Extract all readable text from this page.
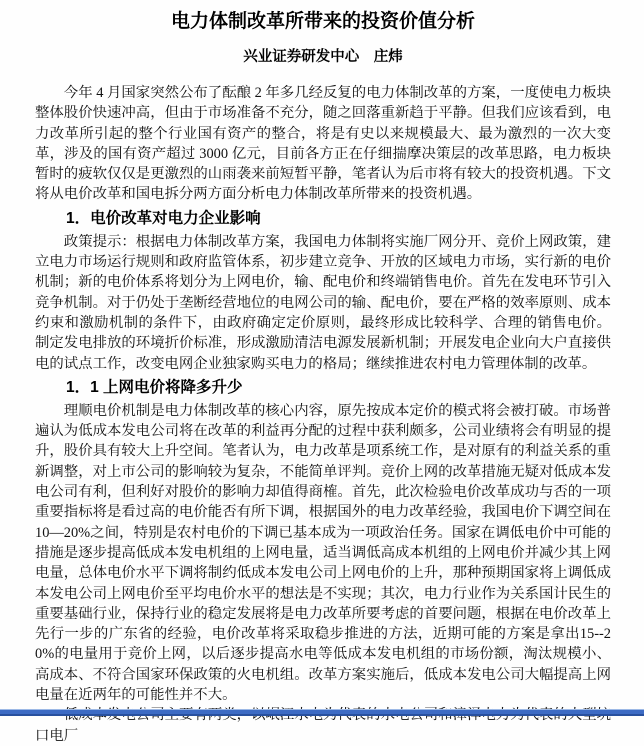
电力体制改革所带来的投资价值分析
兴业证券研发中心　庄炜

今年 4 月国家突然公布了酝酿 2 年多几经反复的电力体制改革的方案，一度使电力板块整体股价快速冲高，但由于市场准备不充分，随之回落重新趋于平静。但我们应该看到，电力改革所引起的整个行业国有资产的整合，将是有史以来规模最大、最为激烈的一次大变革，涉及的国有资产超过 3000 亿元，目前各方正在仔细揣摩决策层的改革思路，电力板块暂时的疲软仅仅是更激烈的山雨袭来前短暂平静，笔者认为后市将有较大的投资机遇。下文将从电价改革和国电拆分两方面分析电力体制改革所带来的投资机遇。

1．电价改革对电力企业影响

政策提示：根据电力体制改革方案，我国电力体制将实施厂网分开、竞价上网政策，建立电力市场运行规则和政府监管体系，初步建立竞争、开放的区域电力市场，实行新的电价机制；新的电价体系将划分为上网电价，输、配电价和终端销售电价。首先在发电环节引入竞争机制。对于仍处于垄断经营地位的电网公司的输、配电价，要在严格的效率原则、成本约束和激励机制的条件下，由政府确定定价原则，最终形成比较科学、合理的销售电价。 制定发电排放的环境折价标准，形成激励清洁电源发展新机制；开展发电企业向大户直接供电的试点工作，改变电网企业独家购买电力的格局；继续推进农村电力管理体制的改革。

1．1 上网电价将降多升少

理顺电价机制是电力体制改革的核心内容，原先按成本定价的模式将会被打破。市场普遍认为低成本发电公司将在改革的利益再分配的过程中获利颇多，公司业绩将会有明显的提升，股价具有较大上升空间。笔者认为，电力改革是项系统工作，是对原有的利益关系的重新调整，对上市公司的影响较为复杂，不能简单评判。竞价上网的改革措施无疑对低成本发电公司有利，但利好对股价的影响力却值得商榷。首先，此次检验电价改革成功与否的一项重要指标将是看过高的电价能否有所下调，根据国外的电力改革经验，我国电价下调空间在10—20%之间，特别是农村电价的下调已基本成为一项政治任务。国家在调低电价中可能的措施是逐步提高低成本发电机组的上网电量，适当调低高成本机组的上网电价并减少其上网电量，总体电价水平下调将制约低成本发电公司上网电价的上升，那种预期国家将上调低成本发电公司上网电价至平均电价水平的想法是不实现；其次，电力行业作为关系国计民生的重要基础行业，保持行业的稳定发展将是电力改革所要考虑的首要问题，根据在电价改革上先行一步的广东省的经验，电价改革将采取稳步推进的方法，近期可能的方案是拿出15--20%的电量用于竞价上网，以后逐步提高水电等低成本发电机组的市场份额，淘汰规模小、高成本、不符合国家环保政策的火电机组。改革方案实施后，低成本发电公司大幅提高上网电量在近两年的可能性并不大。

口电厂
